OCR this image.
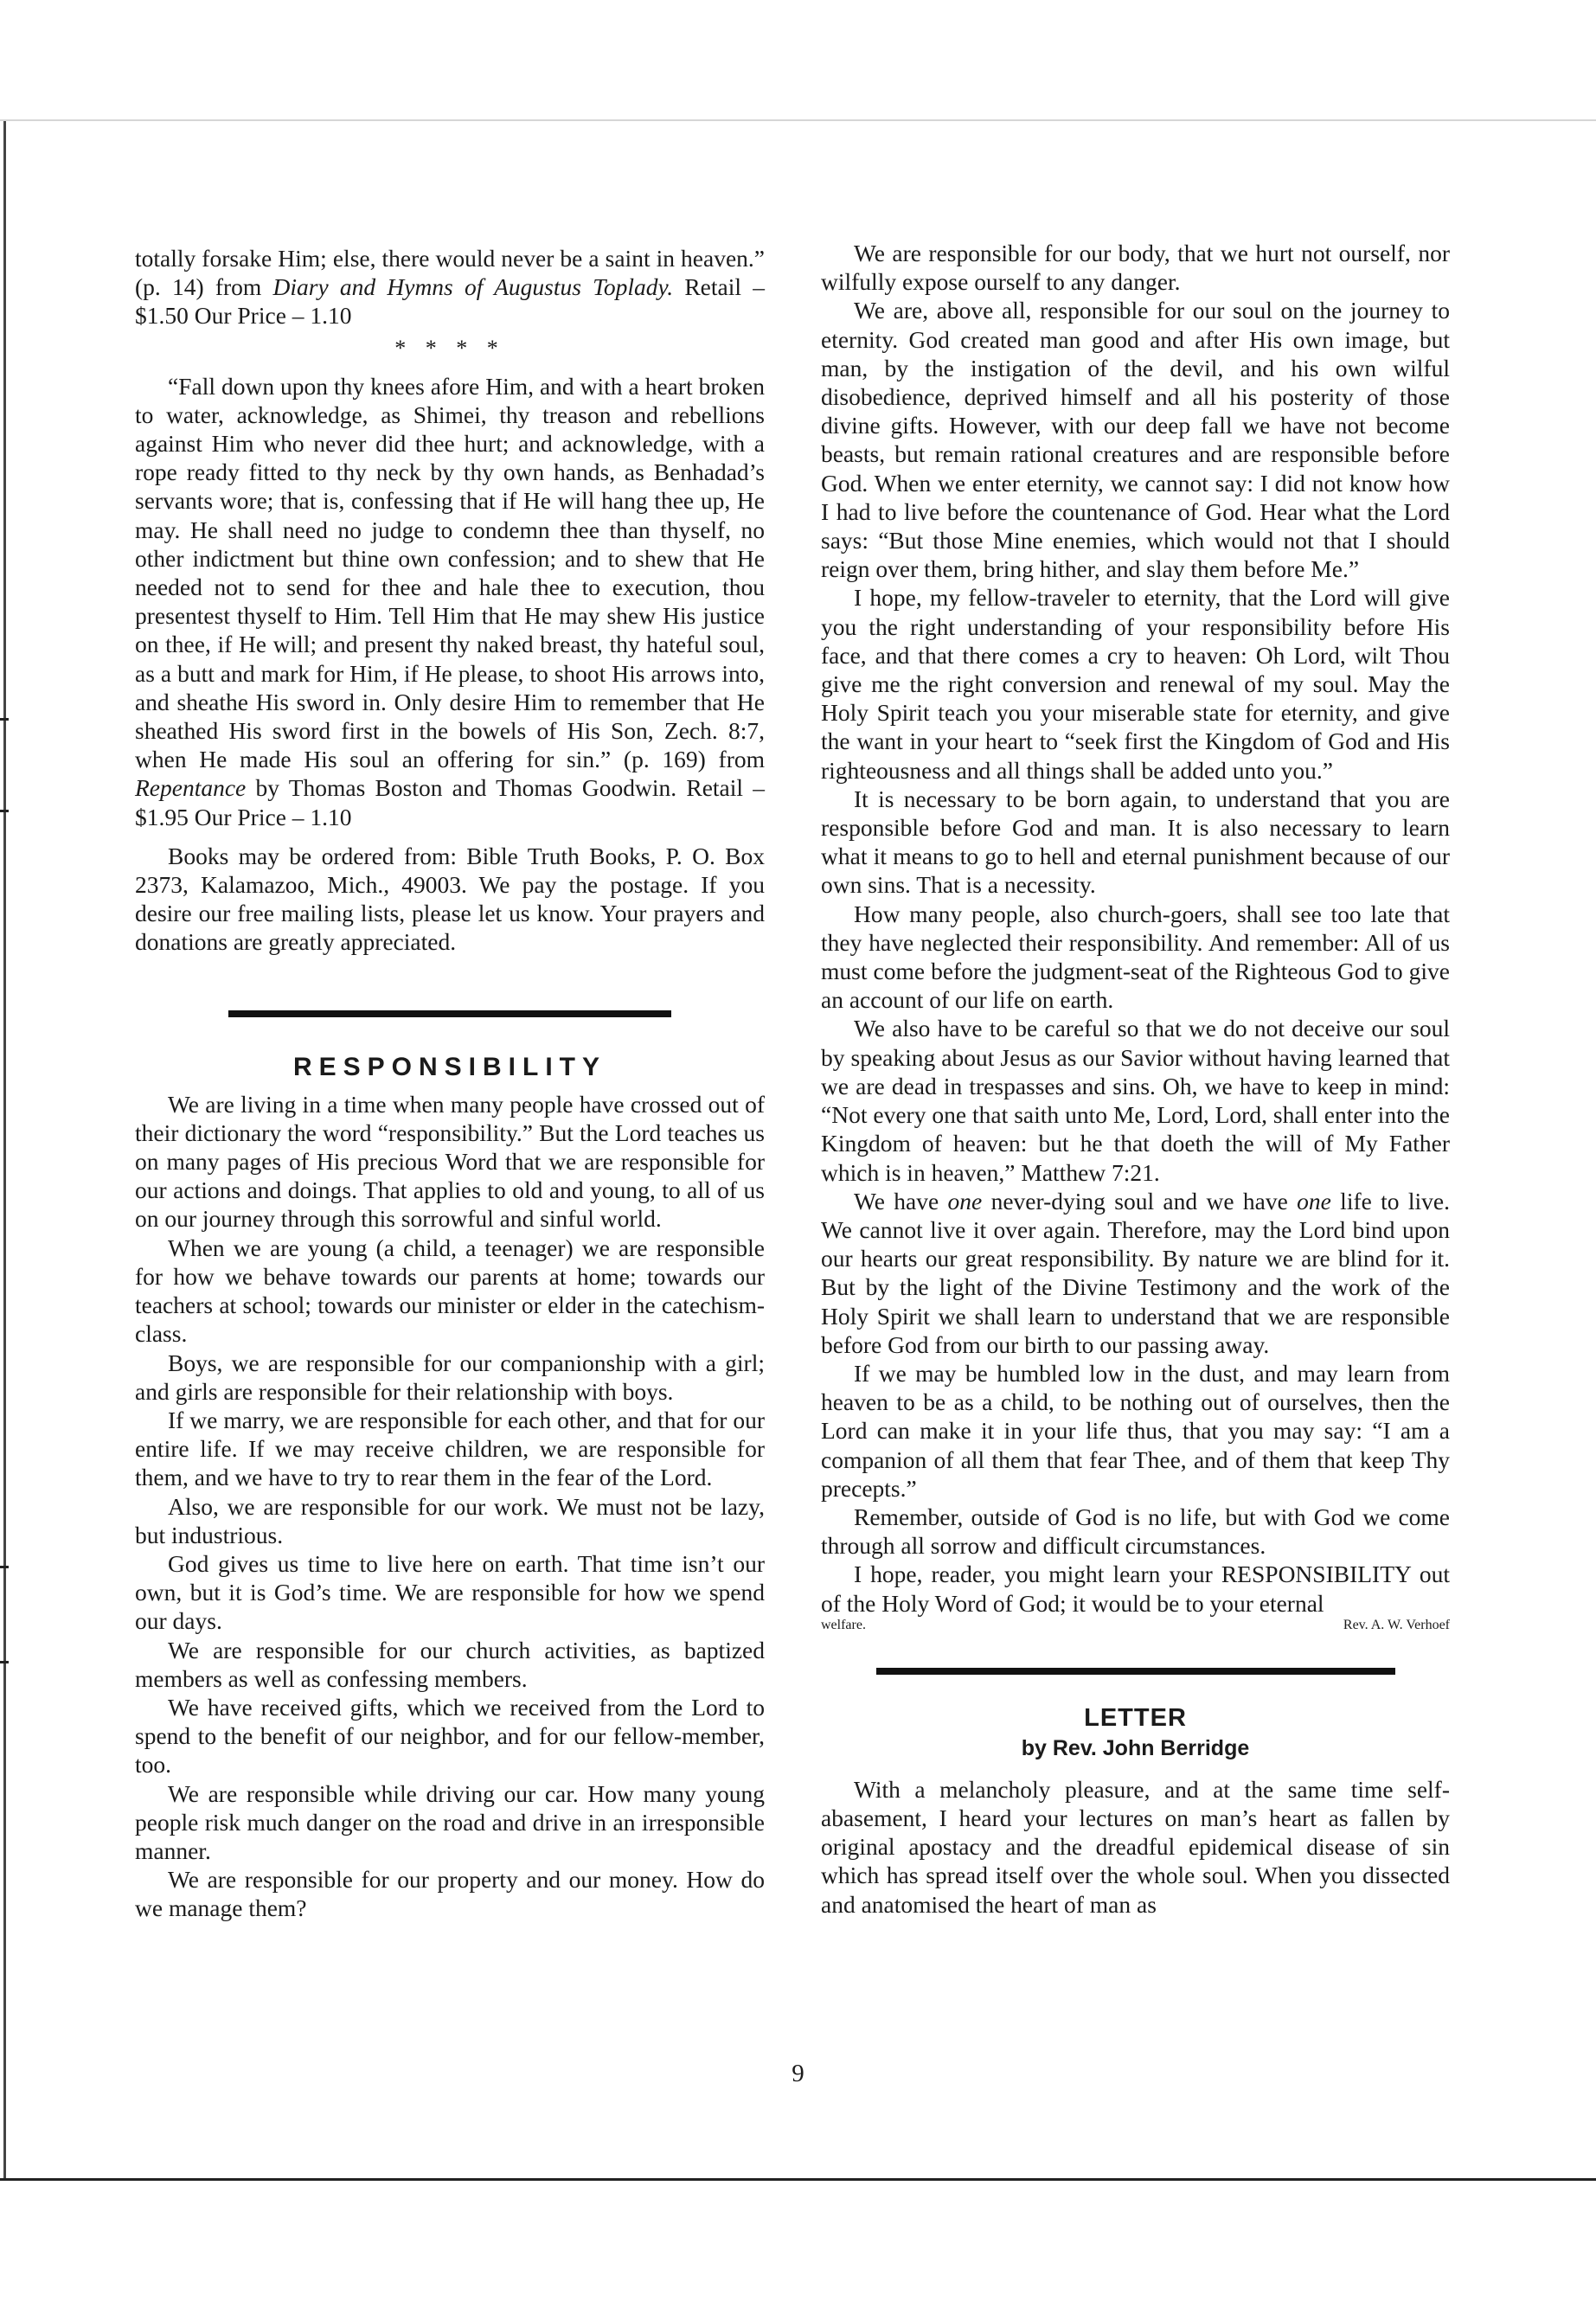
totally forsake Him; else, there would never be a saint in heaven.” (p. 14) from Diary and Hymns of Augustus Toplady. Retail – $1.50 Our Price – 1.10

* * * *

“Fall down upon thy knees afore Him, and with a heart broken to water, acknowledge, as Shimei, thy treason and rebellions against Him who never did thee hurt; and acknowledge, with a rope ready fitted to thy neck by thy own hands, as Benhadad’s servants wore; that is, confessing that if He will hang thee up, He may. He shall need no judge to condemn thee than thyself, no other indictment but thine own confession; and to shew that He needed not to send for thee and hale thee to execution, thou presentest thyself to Him. Tell Him that He may shew His justice on thee, if He will; and present thy naked breast, thy hateful soul, as a butt and mark for Him, if He please, to shoot His arrows into, and sheathe His sword in. Only desire Him to remember that He sheathed His sword first in the bowels of His Son, Zech. 8:7, when He made His soul an offering for sin.” (p. 169) from Repentance by Thomas Boston and Thomas Goodwin. Retail – $1.95 Our Price – 1.10

Books may be ordered from: Bible Truth Books, P. O. Box 2373, Kalamazoo, Mich., 49003. We pay the postage. If you desire our free mailing lists, please let us know. Your prayers and donations are greatly appreciated.

RESPONSIBILITY

We are living in a time when many people have crossed out of their dictionary the word “responsibility.” But the Lord teaches us on many pages of His precious Word that we are responsible for our actions and doings. That applies to old and young, to all of us on our journey through this sorrowful and sinful world.

When we are young (a child, a teenager) we are responsible for how we behave towards our parents at home; towards our teachers at school; towards our minister or elder in the catechism-class.

Boys, we are responsible for our companionship with a girl; and girls are responsible for their relationship with boys.

If we marry, we are responsible for each other, and that for our entire life. If we may receive children, we are responsible for them, and we have to try to rear them in the fear of the Lord.

Also, we are responsible for our work. We must not be lazy, but industrious.

God gives us time to live here on earth. That time isn’t our own, but it is God’s time. We are responsible for how we spend our days.

We are responsible for our church activities, as baptized members as well as confessing members.

We have received gifts, which we received from the Lord to spend to the benefit of our neighbor, and for our fellow-member, too.

We are responsible while driving our car. How many young people risk much danger on the road and drive in an irresponsible manner.

We are responsible for our property and our money. How do we manage them?

We are responsible for our body, that we hurt not ourself, nor wilfully expose ourself to any danger.

We are, above all, responsible for our soul on the journey to eternity. God created man good and after His own image, but man, by the instigation of the devil, and his own wilful disobedience, deprived himself and all his posterity of those divine gifts. However, with our deep fall we have not become beasts, but remain rational creatures and are responsible before God. When we enter eternity, we cannot say: I did not know how I had to live before the countenance of God. Hear what the Lord says: “But those Mine enemies, which would not that I should reign over them, bring hither, and slay them before Me.”

I hope, my fellow-traveler to eternity, that the Lord will give you the right understanding of your responsibility before His face, and that there comes a cry to heaven: Oh Lord, wilt Thou give me the right conversion and renewal of my soul. May the Holy Spirit teach you your miserable state for eternity, and give the want in your heart to “seek first the Kingdom of God and His righteousness and all things shall be added unto you.”

It is necessary to be born again, to understand that you are responsible before God and man. It is also necessary to learn what it means to go to hell and eternal punishment because of our own sins. That is a necessity.

How many people, also church-goers, shall see too late that they have neglected their responsibility. And remember: All of us must come before the judgment-seat of the Righteous God to give an account of our life on earth.

We also have to be careful so that we do not deceive our soul by speaking about Jesus as our Savior without having learned that we are dead in trespasses and sins. Oh, we have to keep in mind: “Not every one that saith unto Me, Lord, Lord, shall enter into the Kingdom of heaven: but he that doeth the will of My Father which is in heaven,” Matthew 7:21.

We have one never-dying soul and we have one life to live. We cannot live it over again. Therefore, may the Lord bind upon our hearts our great responsibility. By nature we are blind for it. But by the light of the Divine Testimony and the work of the Holy Spirit we shall learn to understand that we are responsible before God from our birth to our passing away.

If we may be humbled low in the dust, and may learn from heaven to be as a child, to be nothing out of ourselves, then the Lord can make it in your life thus, that you may say: “I am a companion of all them that fear Thee, and of them that keep Thy precepts.”

Remember, outside of God is no life, but with God we come through all sorrow and difficult circumstances.

I hope, reader, you might learn your RESPONSIBILITY out of the Holy Word of God; it would be to your eternal

welfare.	Rev. A. W. Verhoef
LETTER
by Rev. John Berridge

With a melancholy pleasure, and at the same time self-abasement, I heard your lectures on man’s heart as fallen by original apostacy and the dreadful epidemical disease of sin which has spread itself over the whole soul. When you dissected and anatomised the heart of man as

9
